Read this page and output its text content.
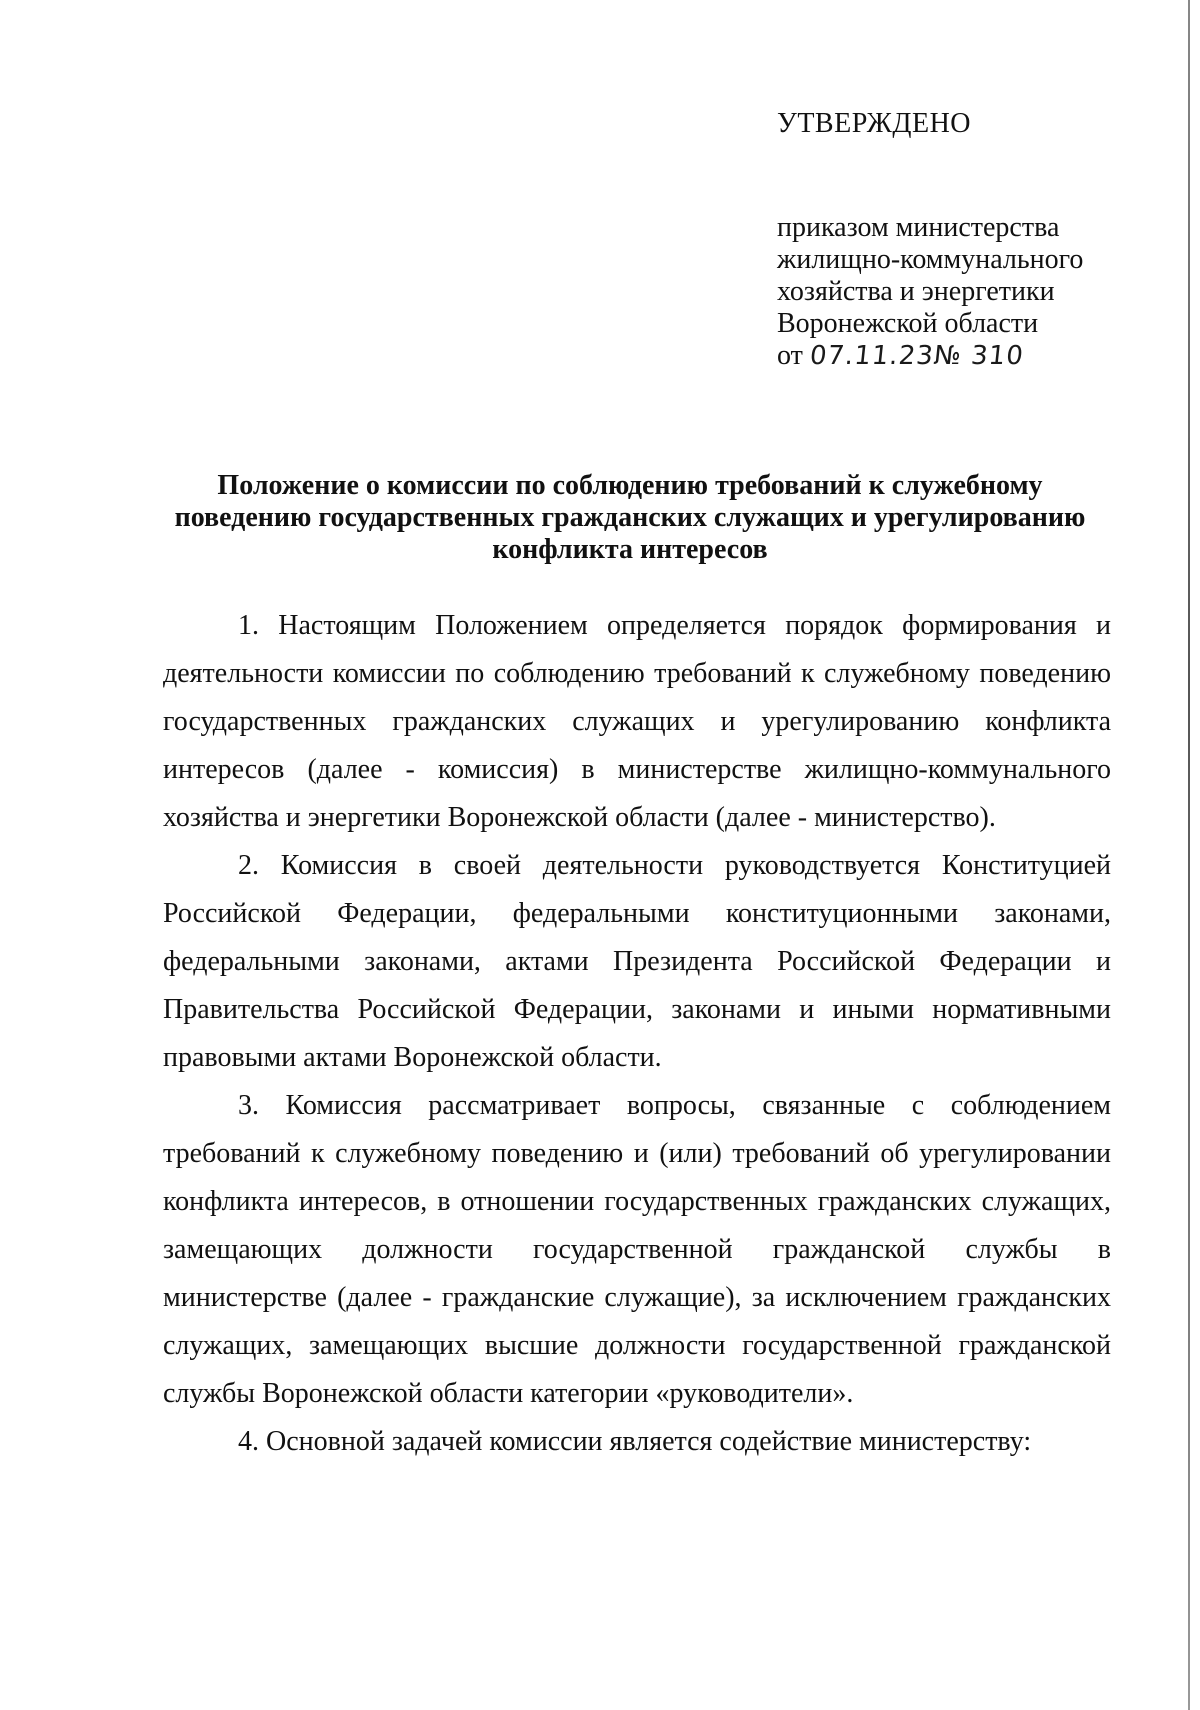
УТВЕРЖДЕНО
приказом министерства
жилищно-коммунального
хозяйства и энергетики
Воронежской области
от 07.11.23№ 310
Положение о комиссии по соблюдению требований к служебному
поведению государственных гражданских служащих и урегулированию
конфликта интересов

1. Настоящим Положением определяется порядок формирования и деятельности комиссии по соблюдению требований к служебному поведению государственных гражданских служащих и урегулированию конфликта интересов (далее - комиссия) в министерстве жилищно-коммунального хозяйства и энергетики Воронежской области (далее - министерство).

2. Комиссия в своей деятельности руководствуется Конституцией Российской Федерации, федеральными конституционными законами, федеральными законами, актами Президента Российской Федерации и Правительства Российской Федерации, законами и иными нормативными правовыми актами Воронежской области.

3. Комиссия рассматривает вопросы, связанные с соблюдением требований к служебному поведению и (или) требований об урегулировании конфликта интересов, в отношении государственных гражданских служащих, замещающих должности государственной гражданской службы в министерстве (далее - гражданские служащие), за исключением гражданских служащих, замещающих высшие должности государственной гражданской службы Воронежской области категории «руководители».

4. Основной задачей комиссии является содействие министерству:
